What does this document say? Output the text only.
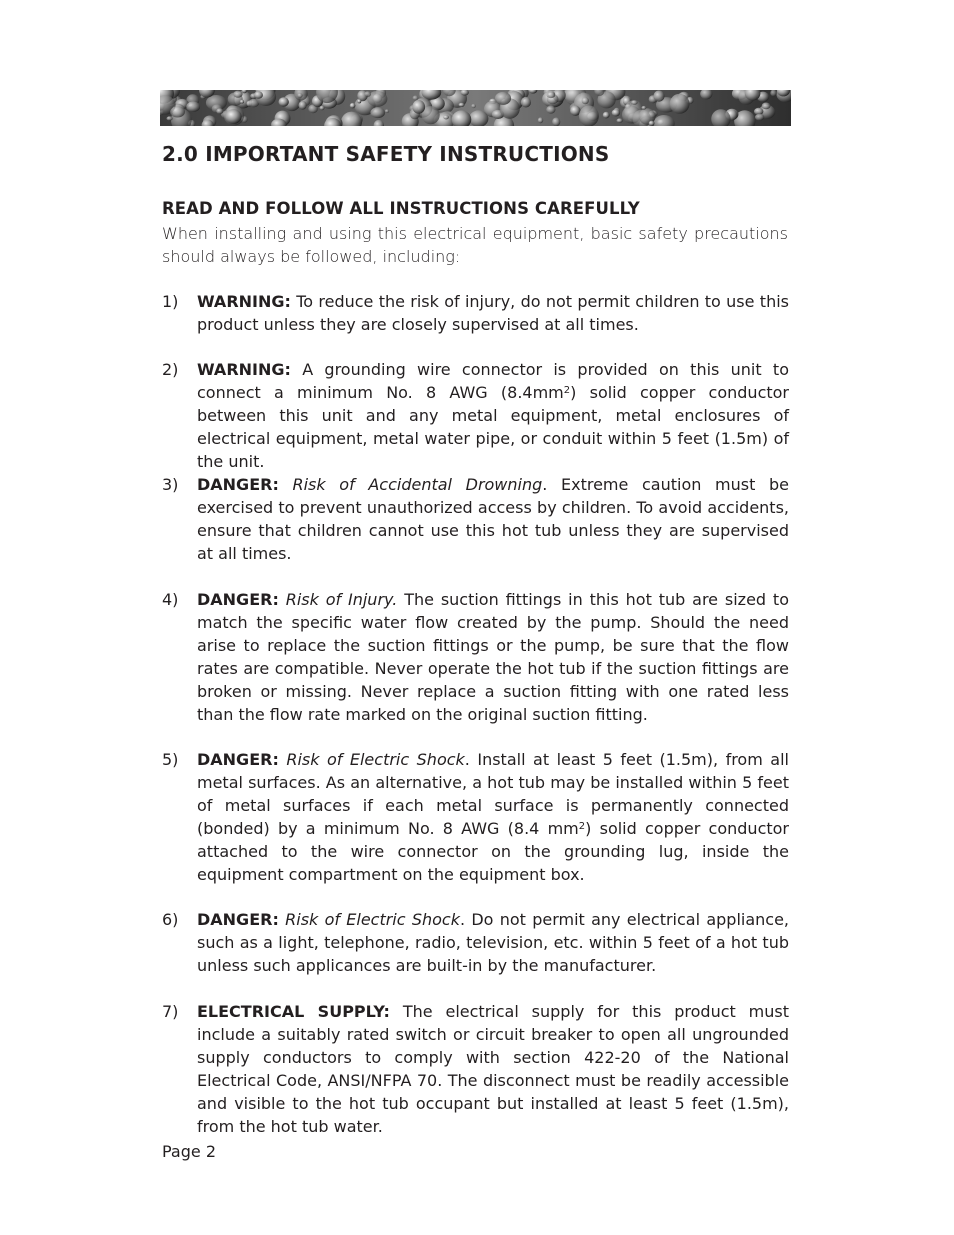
2.0 IMPORTANT SAFETY INSTRUCTIONS
READ AND FOLLOW ALL INSTRUCTIONS CAREFULLY

When installing and using this electrical equipment, basic safety precautions should always be followed, including:

1)	WARNING: To reduce the risk of injury, do not permit children to use this product unless they are closely supervised at all times.
2)	WARNING: A grounding wire connector is provided on this unit to connect a minimum No. 8 AWG $(8.4mm^2)$ solid copper conductor between this unit and any metal equipment, metal enclosures of electrical equipment, metal water pipe, or conduit within 5 feet (1.5m) of the unit.
3)	DANGER: Risk of Accidental Drowning. Extreme caution must be exercised to prevent unauthorized access by children. To avoid accidents, ensure that children cannot use this hot tub unless they are supervised at all times.
4)	DANGER: Risk of Injury. The suction fittings in this hot tub are sized to match the specific water flow created by the pump. Should the need arise to replace the suction fittings or the pump, be sure that the flow rates are compatible. Never operate the hot tub if the suction fittings are broken or missing. Never replace a suction fitting with one rated less than the flow rate marked on the original suction fitting.
5)	DANGER: Risk of Electric Shock. Install at least 5 feet (1.5m), from all metal surfaces. As an alternative, a hot tub may be installed within 5 feet of metal surfaces if each metal surface is permanently connected (bonded) by a minimum No. 8 AWG (8.4 $mm^2$) solid copper conductor attached to the wire connector on the grounding lug, inside the equipment compartment on the equipment box.
6)	DANGER: Risk of Electric Shock. Do not permit any electrical appliance, such as a light, telephone, radio, television, etc. within 5 feet of a hot tub unless such applicances are built-in by the manufacturer.
7)	ELECTRICAL SUPPLY: The electrical supply for this product must include a suitably rated switch or circuit breaker to open all ungrounded supply conductors to comply with section 422-20 of the National Electrical Code, ANSI/NFPA 70. The disconnect must be readily accessible and visible to the hot tub occupant but installed at least 5 feet (1.5m), from the hot tub water.
Page 2
